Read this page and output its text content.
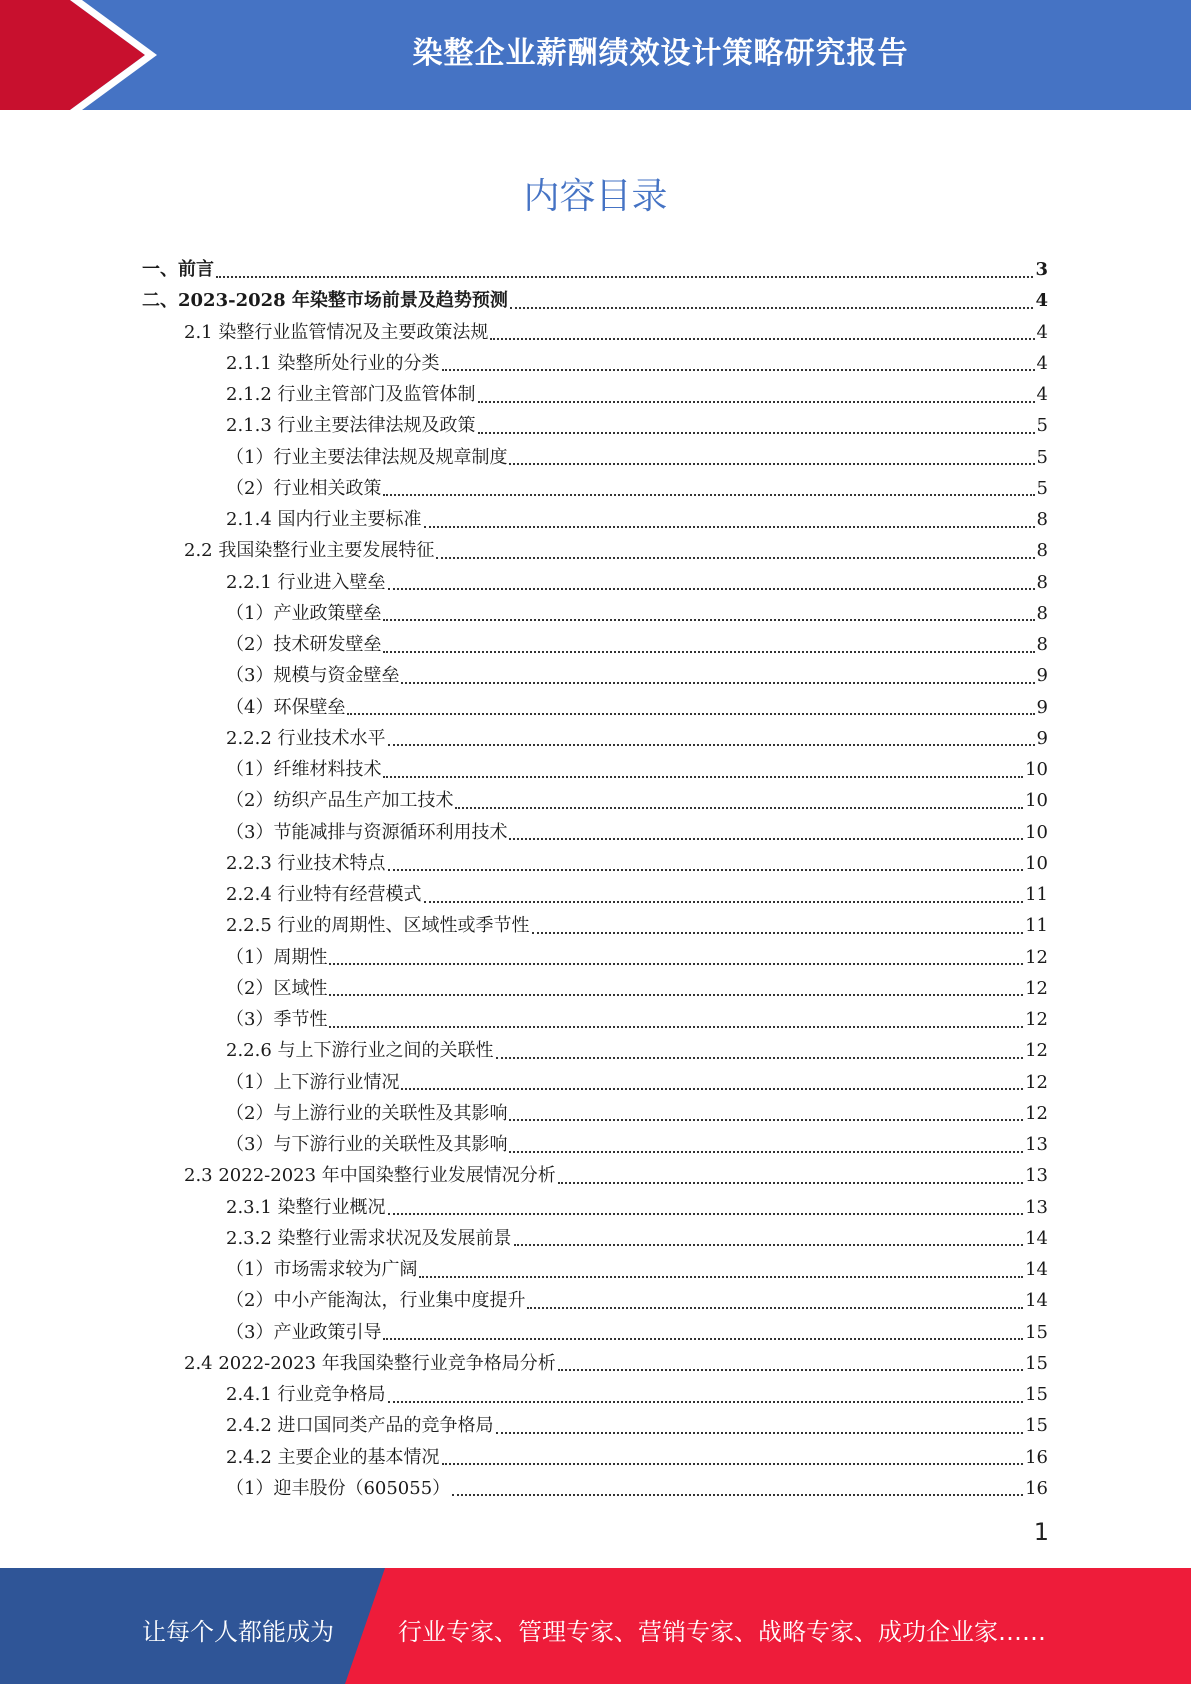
染整企业薪酬绩效设计策略研究报告
内容目录
一、前言	3
二、2023-2028 年染整市场前景及趋势预测	4
2.1 染整行业监管情况及主要政策法规	4
2.1.1 染整所处行业的分类	4
2.1.2 行业主管部门及监管体制	4
2.1.3 行业主要法律法规及政策	5
（1）行业主要法律法规及规章制度	5
（2）行业相关政策	5
2.1.4 国内行业主要标准	8
2.2 我国染整行业主要发展特征	8
2.2.1 行业进入壁垒	8
（1）产业政策壁垒	8
（2）技术研发壁垒	8
（3）规模与资金壁垒	9
（4）环保壁垒	9
2.2.2 行业技术水平	9
（1）纤维材料技术	10
（2）纺织产品生产加工技术	10
（3）节能减排与资源循环利用技术	10
2.2.3 行业技术特点	10
2.2.4 行业特有经营模式	11
2.2.5 行业的周期性、区域性或季节性	11
（1）周期性	12
（2）区域性	12
（3）季节性	12
2.2.6 与上下游行业之间的关联性	12
（1）上下游行业情况	12
（2）与上游行业的关联性及其影响	12
（3）与下游行业的关联性及其影响	13
2.3 2022-2023 年中国染整行业发展情况分析	13
2.3.1 染整行业概况	13
2.3.2 染整行业需求状况及发展前景	14
（1）市场需求较为广阔	14
（2）中小产能淘汰，行业集中度提升	14
（3）产业政策引导	15
2.4 2022-2023 年我国染整行业竞争格局分析	15
2.4.1 行业竞争格局	15
2.4.2 进口国同类产品的竞争格局	15
2.4.2 主要企业的基本情况	16
（1）迎丰股份（605055）	16
1
让每个人都能成为	行业专家、管理专家、营销专家、战略专家、成功企业家……
